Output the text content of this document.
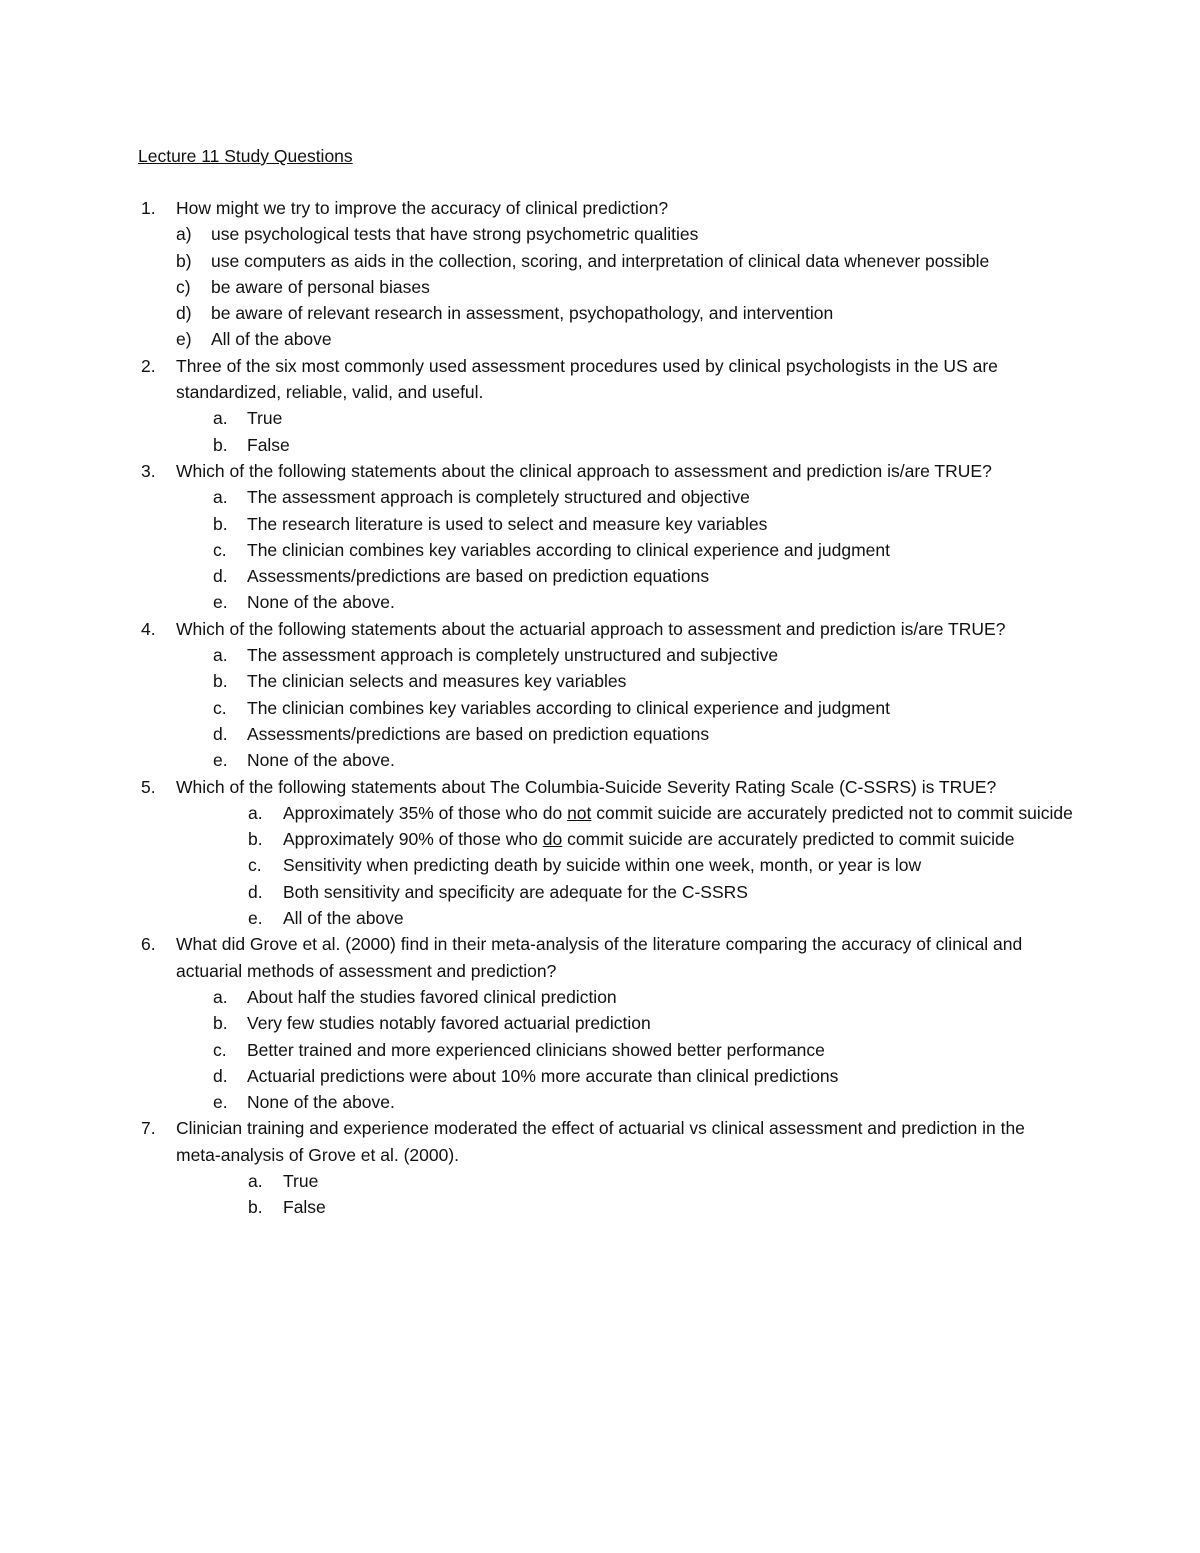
Lecture 11 Study Questions
1. How might we try to improve the accuracy of clinical prediction?
a) use psychological tests that have strong psychometric qualities
b) use computers as aids in the collection, scoring, and interpretation of clinical data whenever possible
c) be aware of personal biases
d) be aware of relevant research in assessment, psychopathology, and intervention
e) All of the above
2. Three of the six most commonly used assessment procedures used by clinical psychologists in the US are standardized, reliable, valid, and useful.
a. True
b. False
3. Which of the following statements about the clinical approach to assessment and prediction is/are TRUE?
a. The assessment approach is completely structured and objective
b. The research literature is used to select and measure key variables
c. The clinician combines key variables according to clinical experience and judgment
d. Assessments/predictions are based on prediction equations
e. None of the above.
4. Which of the following statements about the actuarial approach to assessment and prediction is/are TRUE?
a. The assessment approach is completely unstructured and subjective
b. The clinician selects and measures key variables
c. The clinician combines key variables according to clinical experience and judgment
d. Assessments/predictions are based on prediction equations
e. None of the above.
5. Which of the following statements about The Columbia-Suicide Severity Rating Scale (C-SSRS) is TRUE?
a. Approximately 35% of those who do not commit suicide are accurately predicted not to commit suicide
b. Approximately 90% of those who do commit suicide are accurately predicted to commit suicide
c. Sensitivity when predicting death by suicide within one week, month, or year is low
d. Both sensitivity and specificity are adequate for the C-SSRS
e. All of the above
6. What did Grove et al. (2000) find in their meta-analysis of the literature comparing the accuracy of clinical and actuarial methods of assessment and prediction?
a. About half the studies favored clinical prediction
b. Very few studies notably favored actuarial prediction
c. Better trained and more experienced clinicians showed better performance
d. Actuarial predictions were about 10% more accurate than clinical predictions
e. None of the above.
7. Clinician training and experience moderated the effect of actuarial vs clinical assessment and prediction in the meta-analysis of Grove et al. (2000).
a. True
b. False
